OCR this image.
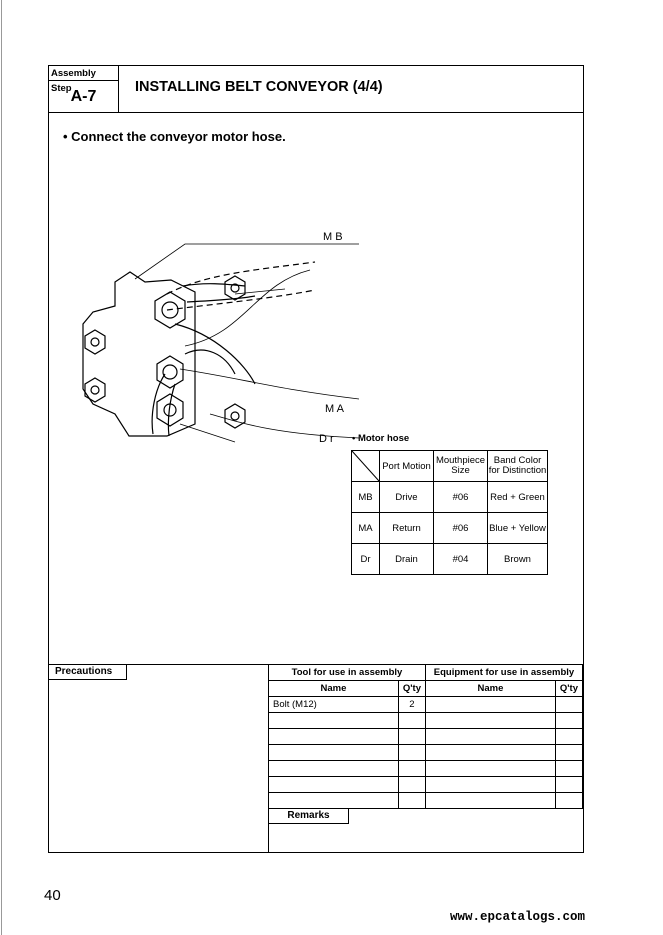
Assembly Step A-7
INSTALLING BELT CONVEYOR (4/4)
• Connect the conveyor motor hose.
M B
M A
D r • Motor hose
	Port Motion	Mouthpiece Size	Band Color for Distinction
MB	Drive	#06	Red + Green
MA	Return	#06	Blue + Yellow
Dr	Drain	#04	Brown
Precautions	Tool for use in assembly		Equipment for use in assembly	
Name	Q'ty	Name	Q'ty
Bolt (M12)	2		

Remarks
40
www.epcatalogs.com
